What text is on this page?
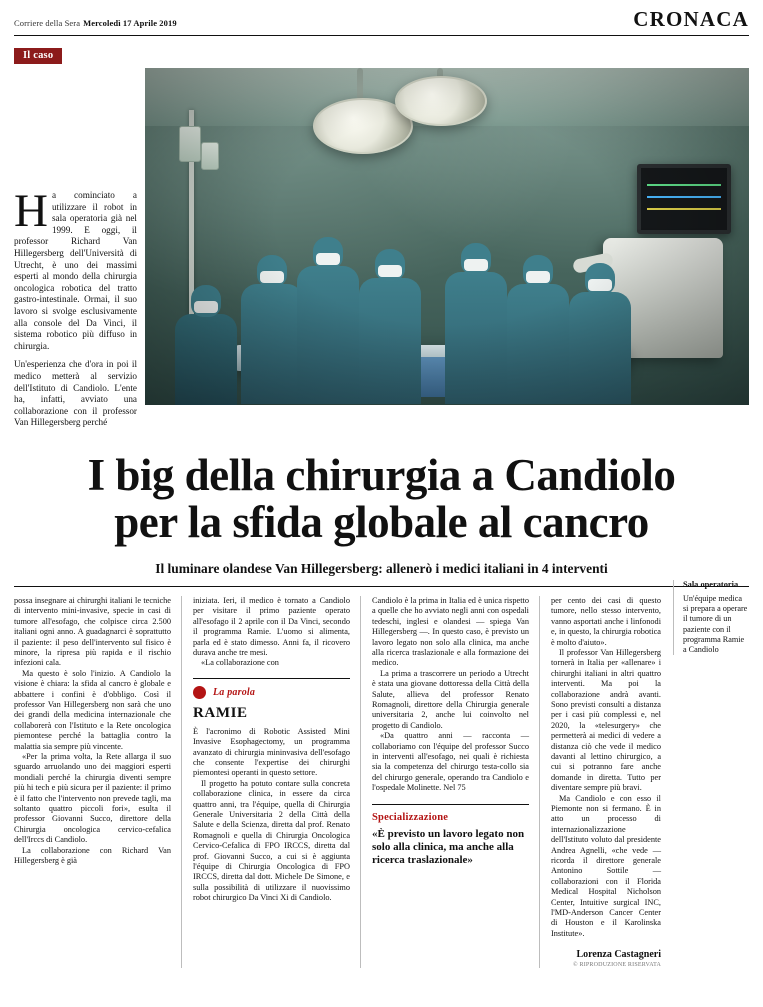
Corriere della Sera Mercoledì 17 Aprile 2019	CRONACA
Il caso

Ha cominciato a utilizzare il robot in sala operatoria già nel 1999. E oggi, il professor Richard Van Hillegersberg dell'Università di Utrecht, è uno dei massimi esperti al mondo della chirurgia oncologica robotica del tratto gastro-intestinale. Ormai, il suo lavoro si svolge esclusivamente alla console del Da Vinci, il sistema robotico più diffuso in chirurgia.

Un'esperienza che d'ora in poi il medico metterà al servizio dell'Istituto di Candiolo. L'ente ha, infatti, avviato una collaborazione con il professor Van Hillegersberg perché

I big della chirurgia a Candiolo
per la sfida globale al cancro
Il luminare olandese Van Hillegersberg: allenerò i medici italiani in 4 interventi

possa insegnare ai chirurghi italiani le tecniche di intervento mini-invasive, specie in casi di tumore all'esofago, che colpisce circa 2.500 italiani ogni anno. A guadagnarci è soprattutto il paziente: il peso dell'intervento sul fisico è minore, la ripresa più rapida e il rischio infezioni cala.

Ma questo è solo l'inizio. A Candiolo la visione è chiara: la sfida al cancro è globale e abbattere i confini è d'obbligo. Così il professor Van Hillegersberg non sarà che uno dei grandi della medicina internazionale che collaborerà con l'Istituto e la Rete oncologica piemontese perché la battaglia contro la malattia sia sempre più vincente.

«Per la prima volta, la Rete allarga il suo sguardo arruolando uno dei maggiori esperti mondiali perché la chirurgia diventi sempre più hi tech e più sicura per il paziente: il primo è il fatto che l'intervento non prevede tagli, ma soltanto quattro piccoli fori», esulta il professor Giovanni Succo, direttore della Chirurgia oncologica cervico-cefalica dell'Irccs di Candiolo.

La collaborazione con Richard Van Hillegersberg è già

iniziata. Ieri, il medico è tornato a Candiolo per visitare il primo paziente operato all'esofago il 2 aprile con il Da Vinci, secondo il programma Ramie. L'uomo si alimenta, parla ed è stato dimesso. Anni fa, il ricovero durava anche tre mesi.

«La collaborazione con

La parola
RAMIE

È l'acronimo di Robotic Assisted Mini Invasive Esophagectomy, un programma avanzato di chirurgia mininvasiva dell'esofago che consente l'expertise dei chirurghi piemontesi operanti in questo settore.

Il progetto ha potuto contare sulla concreta collaborazione clinica, in essere da circa quattro anni, tra l'équipe, quella di Chirurgia Generale Universitaria 2 della Città della Salute e della Scienza, diretta dal prof. Renato Romagnoli e quella di Chirurgia Oncologica Cervico-Cefalica di FPO IRCCS, diretta dal prof. Giovanni Succo, a cui si è aggiunta l'équipe di Chirurgia Oncologica di FPO IRCCS, diretta dal dott. Michele De Simone, e sulla possibilità di utilizzare il nuovissimo robot chirurgico Da Vinci Xi di Candiolo.

Candiolo è la prima in Italia ed è unica rispetto a quelle che ho avviato negli anni con ospedali tedeschi, inglesi e olandesi — spiega Van Hillegersberg —. In questo caso, è previsto un lavoro legato non solo alla clinica, ma anche alla ricerca traslazionale e alla formazione dei medico.

La prima a trascorrere un periodo a Utrecht è stata una giovane dottoressa della Città della Salute, allieva del professor Renato Romagnoli, direttore della Chirurgia generale universitaria 2, anche lui coinvolto nel progetto di Candiolo.

«Da quattro anni — racconta — collaboriamo con l'équipe del professor Succo in interventi all'esofago, nei quali è richiesta sia la competenza del chirurgo testa-collo sia del chirurgo generale, operando tra Candiolo e l'ospedale Molinette. Nel 75

Specializzazione
«È previsto un lavoro legato non solo alla clinica, ma anche alla ricerca traslazionale»

per cento dei casi di questo tumore, nello stesso intervento, vanno asportati anche i linfonodi e, in questo, la chirurgia robotica è molto d'aiuto».

Il professor Van Hillegersberg tornerà in Italia per «allenare» i chirurghi italiani in altri quattro interventi. Ma poi la collaborazione andrà avanti. Sono previsti consulti a distanza per i casi più complessi e, nel 2020, la «telesurgery» che permetterà ai medici di vedere a distanza ciò che vede il medico davanti al lettino chirurgico, a cui si potranno fare anche domande in diretta. Tutto per diventare sempre più bravi.

Ma Candiolo e con esso il Piemonte non si fermano. È in atto un processo di internazionalizzazione dell'Istituto voluto dal presidente Andrea Agnelli, «che vede — ricorda il direttore generale Antonino Sottile — collaborazioni con il Florida Medical Hospital Nicholson Center, Intuitive surgical INC, l'MD-Anderson Cancer Center di Houston e il Karolinska Institute».

Lorenza Castagneri
© RIPRODUZIONE RISERVATA
Sala operatoria
Un'équipe medica si prepara a operare il tumore di un paziente con il programma Ramie a Candiolo
